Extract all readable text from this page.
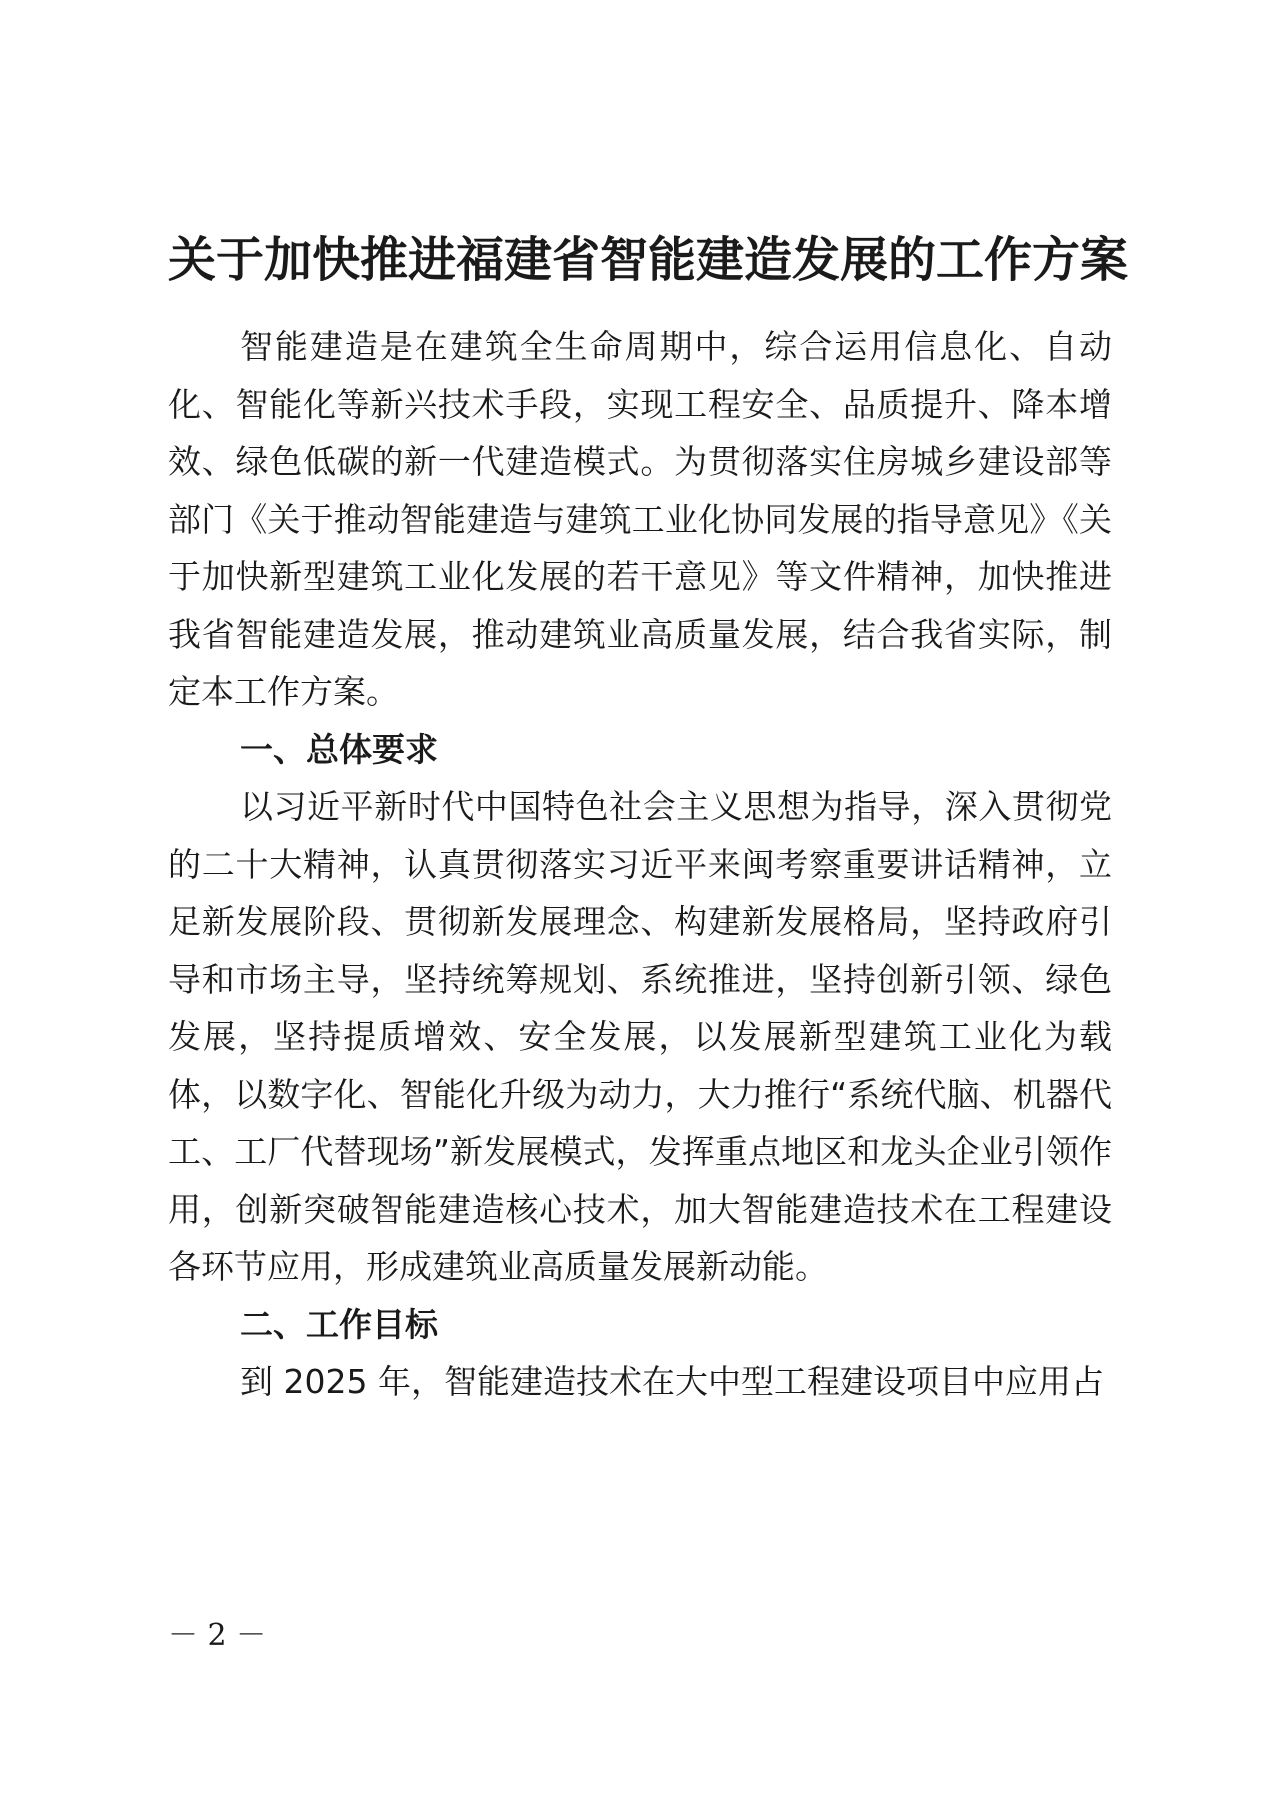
关于加快推进福建省智能建造发展的工作方案

智能建造是在建筑全生命周期中，综合运用信息化、自动化、智能化等新兴技术手段，实现工程安全、品质提升、降本增效、绿色低碳的新一代建造模式。为贯彻落实住房城乡建设部等部门《关于推动智能建造与建筑工业化协同发展的指导意见》《关于加快新型建筑工业化发展的若干意见》等文件精神，加快推进我省智能建造发展，推动建筑业高质量发展，结合我省实际，制定本工作方案。

一、总体要求

以习近平新时代中国特色社会主义思想为指导，深入贯彻党的二十大精神，认真贯彻落实习近平来闽考察重要讲话精神，立足新发展阶段、贯彻新发展理念、构建新发展格局，坚持政府引导和市场主导，坚持统筹规划、系统推进，坚持创新引领、绿色发展，坚持提质增效、安全发展，以发展新型建筑工业化为载体，以数字化、智能化升级为动力，大力推行“系统代脑、机器代工、工厂代替现场”新发展模式，发挥重点地区和龙头企业引领作用，创新突破智能建造核心技术，加大智能建造技术在工程建设各环节应用，形成建筑业高质量发展新动能。

二、工作目标

到 2025 年，智能建造技术在大中型工程建设项目中应用占

－ 2 －
